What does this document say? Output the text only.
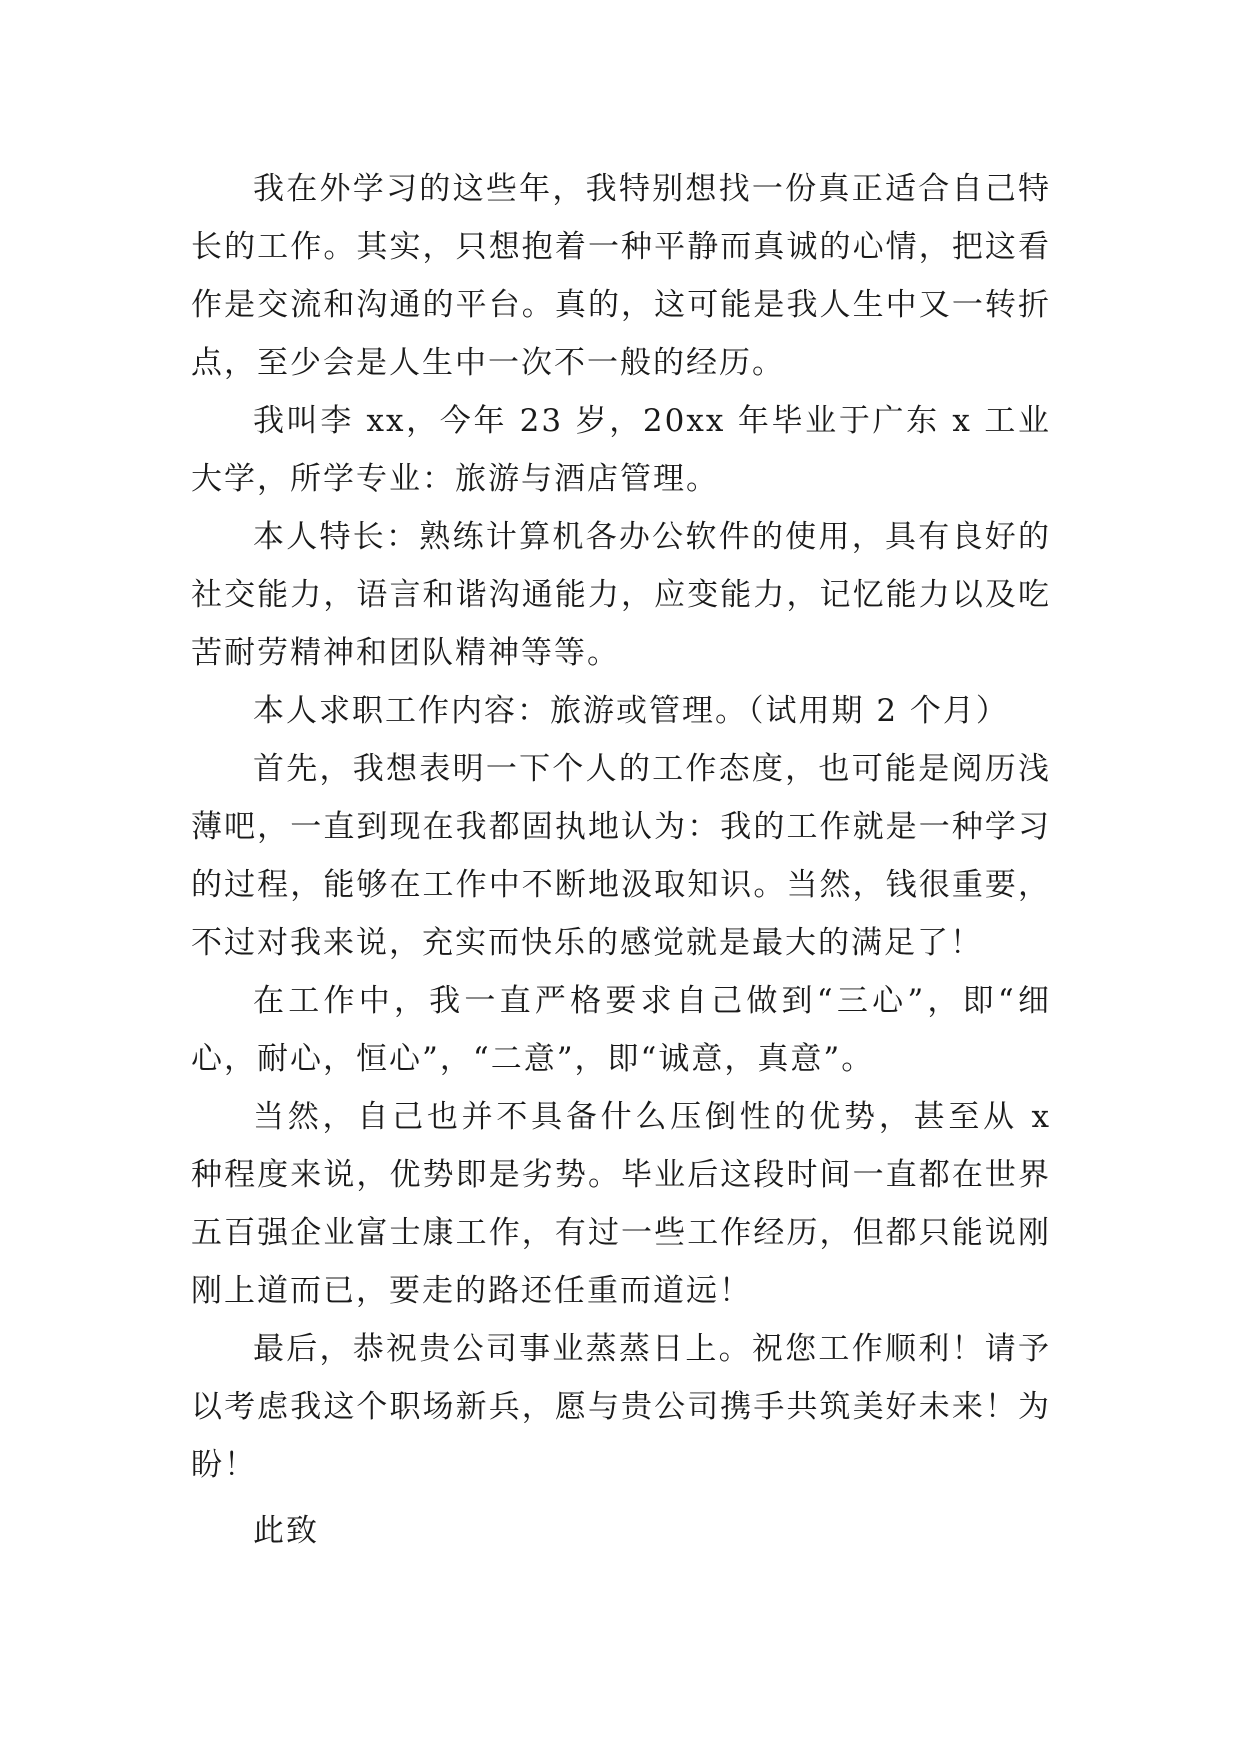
我在外学习的这些年，我特别想找一份真正适合自己特长的工作。其实，只想抱着一种平静而真诚的心情，把这看作是交流和沟通的平台。真的，这可能是我人生中又一转折点，至少会是人生中一次不一般的经历。

我叫李 xx，今年 23 岁，20xx 年毕业于广东 x 工业大学，所学专业：旅游与酒店管理。

本人特长：熟练计算机各办公软件的使用，具有良好的社交能力，语言和谐沟通能力，应变能力，记忆能力以及吃苦耐劳精神和团队精神等等。

本人求职工作内容：旅游或管理。（试用期 2 个月）

首先，我想表明一下个人的工作态度，也可能是阅历浅薄吧，一直到现在我都固执地认为：我的工作就是一种学习的过程，能够在工作中不断地汲取知识。当然，钱很重要，不过对我来说，充实而快乐的感觉就是最大的满足了！

在工作中，我一直严格要求自己做到“三心”，即“细心，耐心，恒心”，“二意”，即“诚意，真意”。

当然，自己也并不具备什么压倒性的优势，甚至从 x 种程度来说，优势即是劣势。毕业后这段时间一直都在世界五百强企业富士康工作，有过一些工作经历，但都只能说刚刚上道而已，要走的路还任重而道远！

最后，恭祝贵公司事业蒸蒸日上。祝您工作顺利！请予以考虑我这个职场新兵，愿与贵公司携手共筑美好未来！为盼！

此致
